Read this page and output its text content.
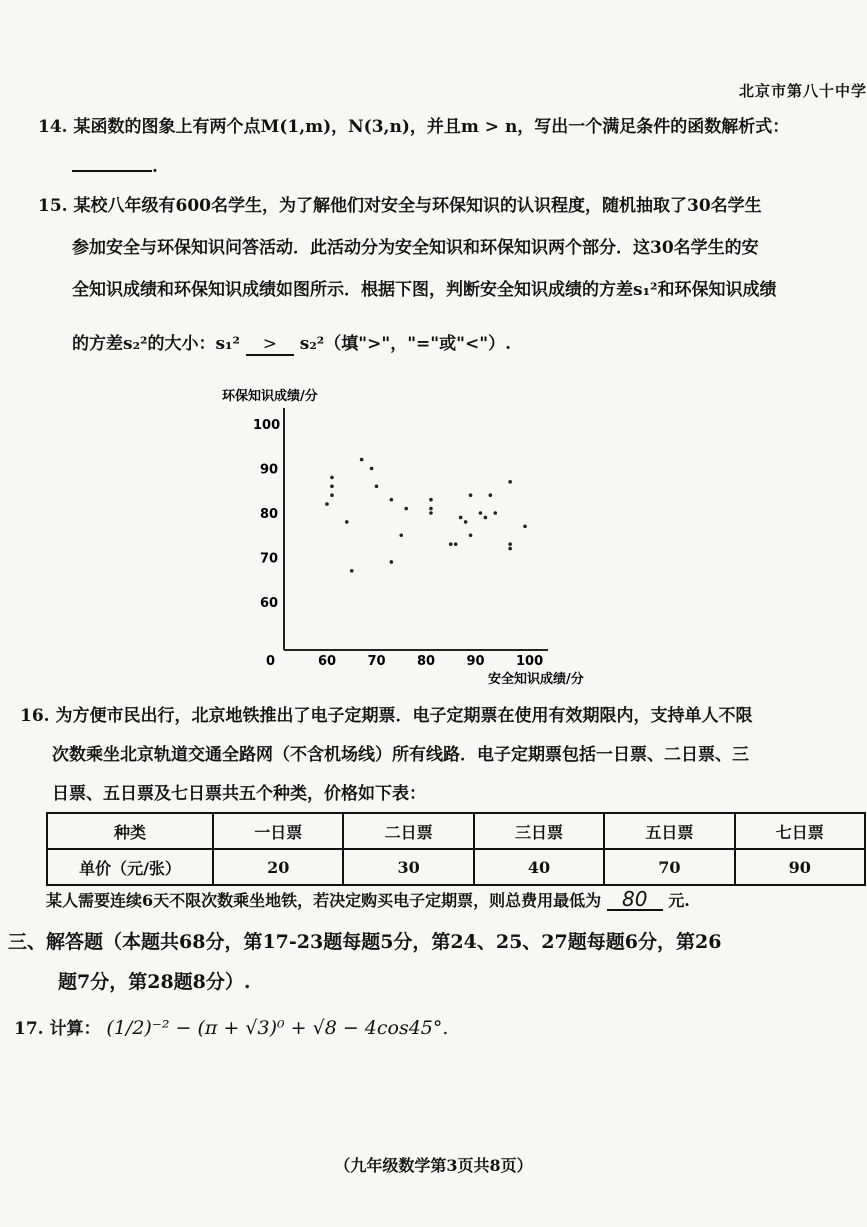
北京市第八十中学
14. 某函数的图象上有两个点M(1,m)，N(3,n)，并且m > n，写出一个满足条件的函数解析式：
.
15. 某校八年级有600名学生，为了解他们对安全与环保知识的认识程度，随机抽取了30名学生
参加安全与环保知识问答活动．此活动分为安全知识和环保知识两个部分．这30名学生的安
全知识成绩和环保知识成绩如图所示．根据下图，判断安全知识成绩的方差s₁²和环保知识成绩
的方差s₂²的大小：s₁² > s₂²（填">"，"="或"<"）.
环保知识成绩/分
0	60 70 80 90 100
60
70
80
90
100
安全知识成绩/分
16. 为方便市民出行，北京地铁推出了电子定期票．电子定期票在使用有效期限内，支持单人不限
次数乘坐北京轨道交通全路网（不含机场线）所有线路．电子定期票包括一日票、二日票、三
日票、五日票及七日票共五个种类，价格如下表：
种类	一日票	二日票	三日票	五日票	七日票
单价（元/张）	20	30	40	70	90
某人需要连续6天不限次数乘坐地铁，若决定购买电子定期票，则总费用最低为 80 元.
三、解答题（本题共68分，第17-23题每题5分，第24、25、27题每题6分，第26
题7分，第28题8分）.
17. 计算： (1/2)⁻² − (π + √3)⁰ + √8 − 4cos45°.
（九年级数学第3页共8页）
